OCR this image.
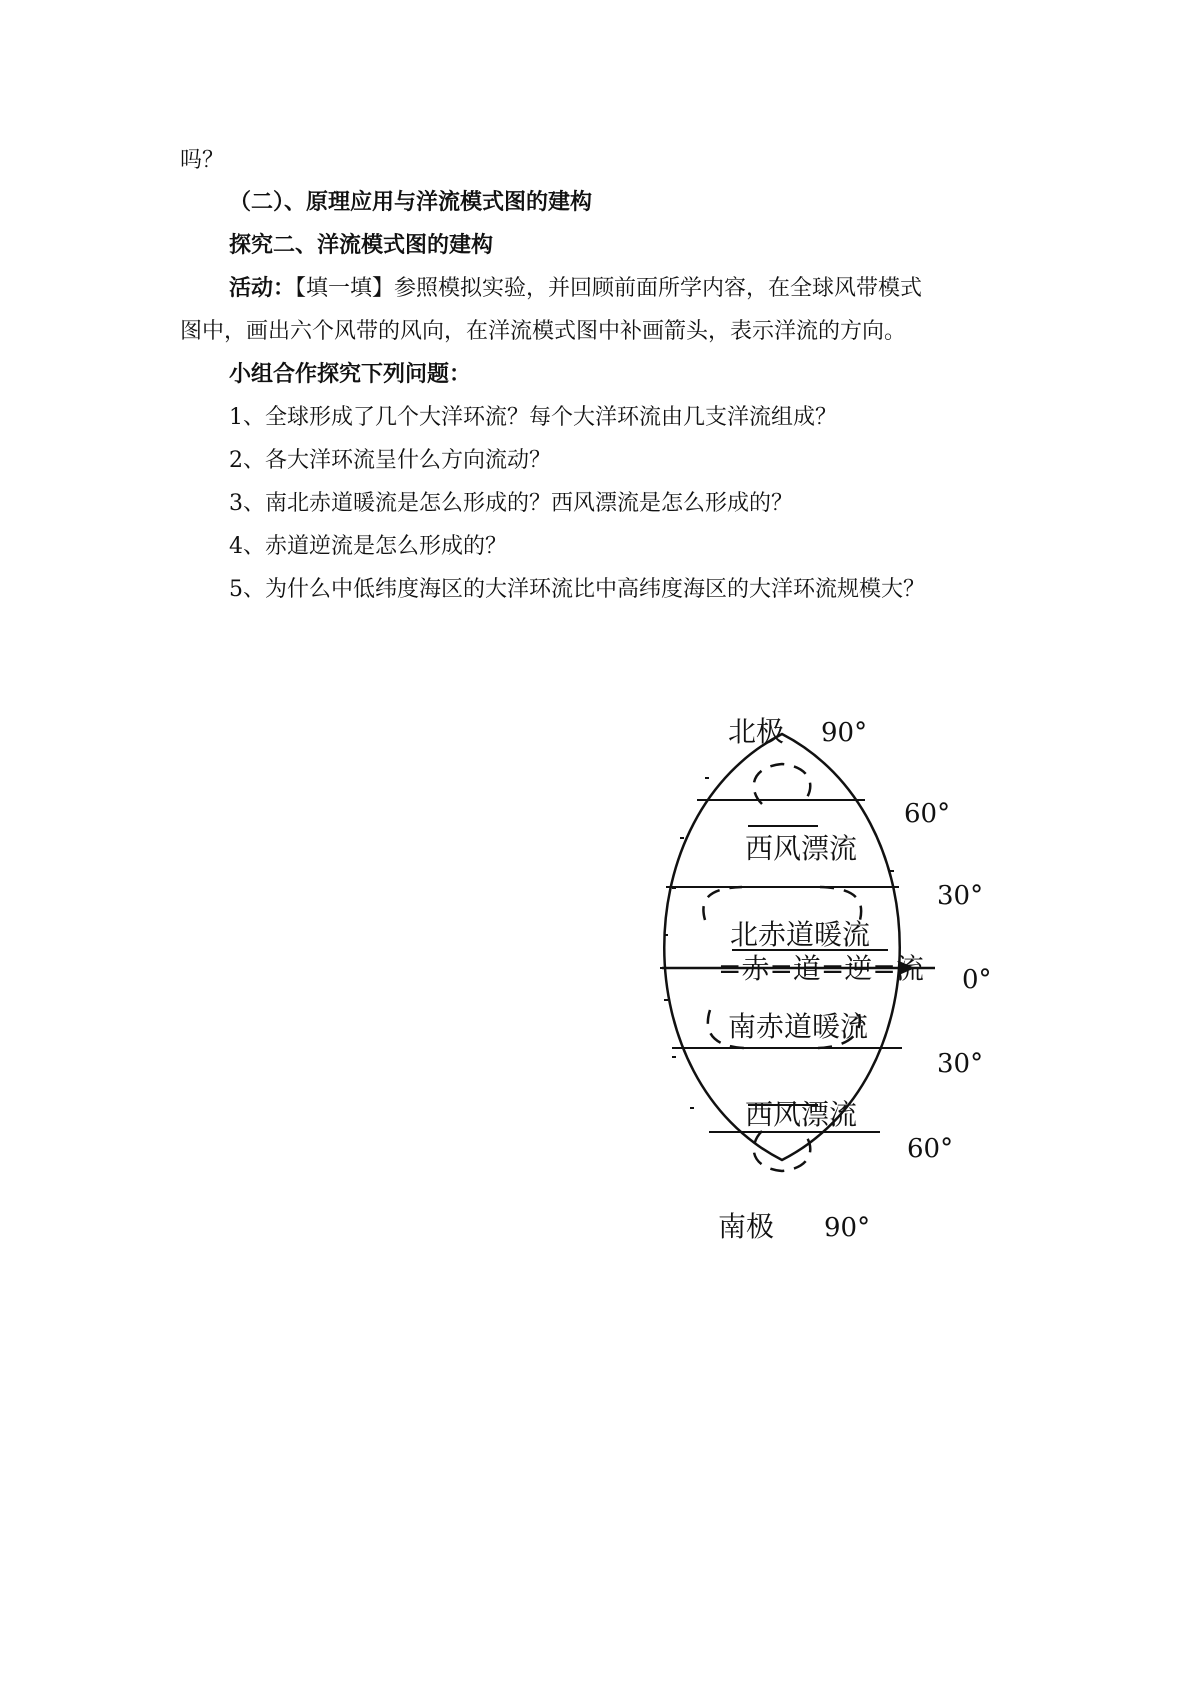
吗？
（二）、原理应用与洋流模式图的建构
探究二、洋流模式图的建构
活动：【填一填】参照模拟实验，并回顾前面所学内容，在全球风带模式
图中，画出六个风带的风向，在洋流模式图中补画箭头，表示洋流的方向。
小组合作探究下列问题：
1、全球形成了几个大洋环流？每个大洋环流由几支洋流组成？
2、各大洋环流呈什么方向流动？
3、南北赤道暖流是怎么形成的？西风漂流是怎么形成的？
4、赤道逆流是怎么形成的？
5、为什么中低纬度海区的大洋环流比中高纬度海区的大洋环流规模大？
北极 90°
60°
30°
0°
30°
60°
南极 90°
西风漂流
北赤道暖流
=赤=道=逆=流
南赤道暖流
西风漂流
